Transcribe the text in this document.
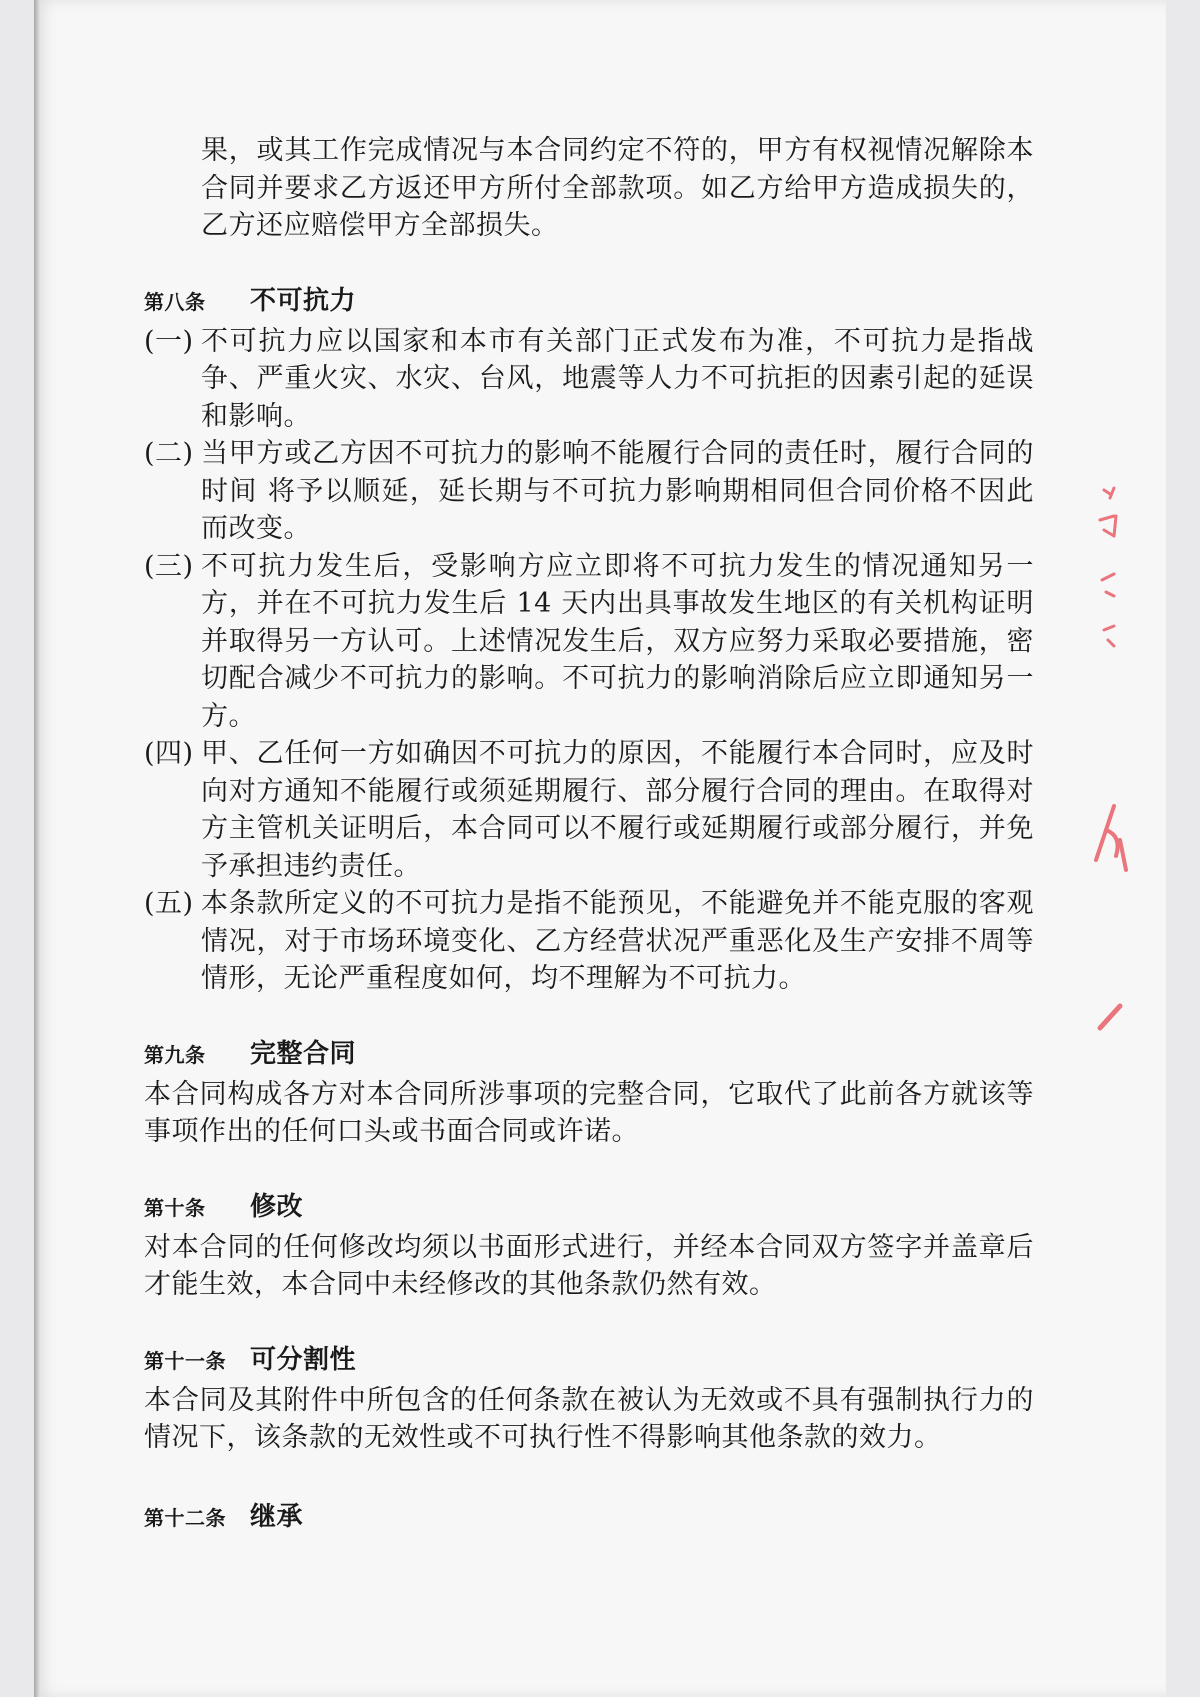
果，或其工作完成情况与本合同约定不符的，甲方有权视情况解除本合同并要求乙方返还甲方所付全部款项。如乙方给甲方造成损失的，乙方还应赔偿甲方全部损失。
第八条	不可抗力
(一) 不可抗力应以国家和本市有关部门正式发布为准，不可抗力是指战争、严重火灾、水灾、台风，地震等人力不可抗拒的因素引起的延误和影响。
(二) 当甲方或乙方因不可抗力的影响不能履行合同的责任时，履行合同的时间 将予以顺延，延长期与不可抗力影响期相同但合同价格不因此而改变。
(三) 不可抗力发生后，受影响方应立即将不可抗力发生的情况通知另一方，并在不可抗力发生后 14 天内出具事故发生地区的有关机构证明并取得另一方认可。上述情况发生后，双方应努力采取必要措施，密切配合减少不可抗力的影响。不可抗力的影响消除后应立即通知另一方。
(四) 甲、乙任何一方如确因不可抗力的原因，不能履行本合同时，应及时向对方通知不能履行或须延期履行、部分履行合同的理由。在取得对方主管机关证明后，本合同可以不履行或延期履行或部分履行，并免予承担违约责任。
(五) 本条款所定义的不可抗力是指不能预见，不能避免并不能克服的客观情况，对于市场环境变化、乙方经营状况严重恶化及生产安排不周等情形，无论严重程度如何，均不理解为不可抗力。
第九条	完整合同
本合同构成各方对本合同所涉事项的完整合同，它取代了此前各方就该等事项作出的任何口头或书面合同或许诺。
第十条	修改
对本合同的任何修改均须以书面形式进行，并经本合同双方签字并盖章后才能生效，本合同中未经修改的其他条款仍然有效。
第十一条 可分割性
本合同及其附件中所包含的任何条款在被认为无效或不具有强制执行力的情况下，该条款的无效性或不可执行性不得影响其他条款的效力。
第十二条 继承
